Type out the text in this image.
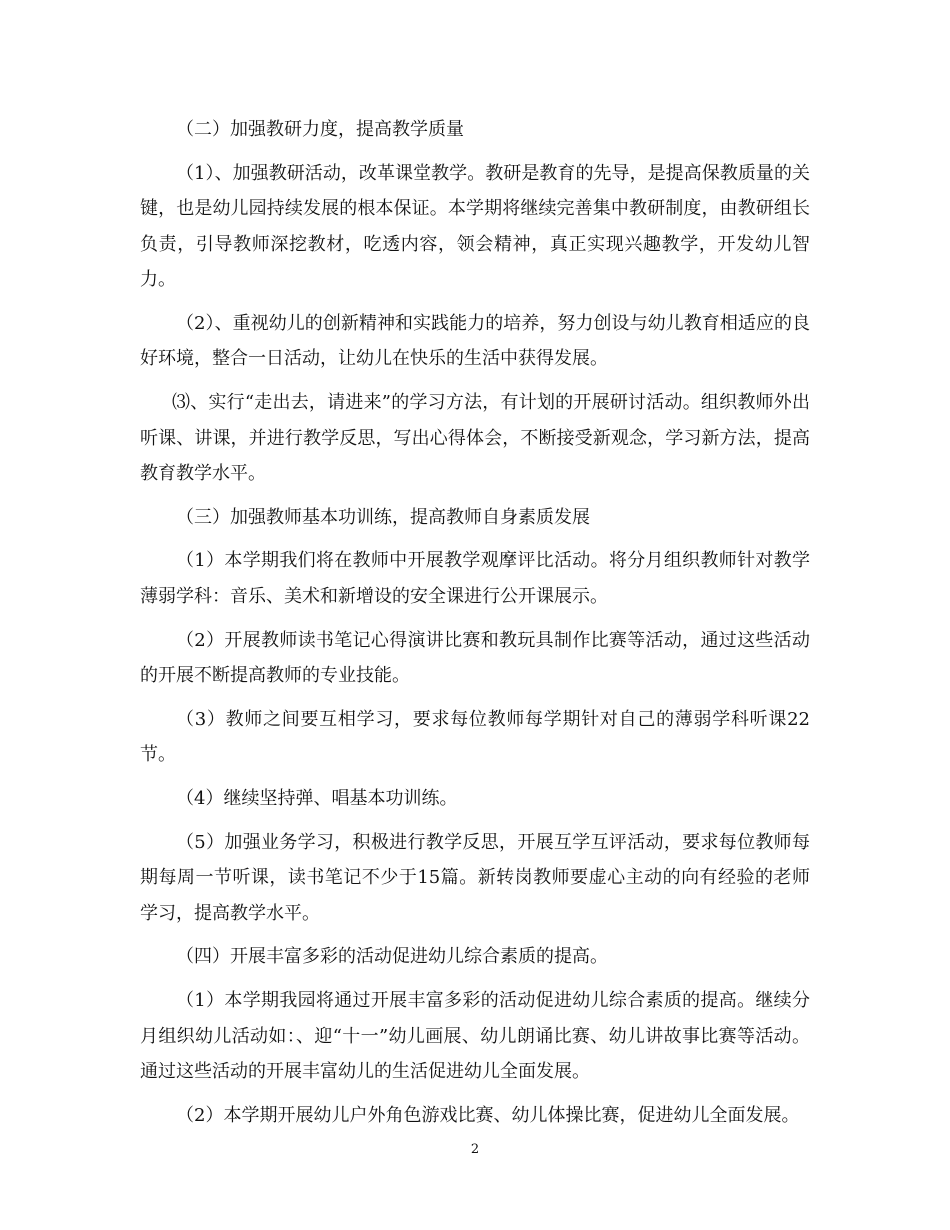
（二）加强教研力度，提高教学质量

（1）、加强教研活动，改革课堂教学。教研是教育的先导，是提高保教质量的关键，也是幼儿园持续发展的根本保证。本学期将继续完善集中教研制度，由教研组长负责，引导教师深挖教材，吃透内容，领会精神，真正实现兴趣教学，开发幼儿智力。

（2）、重视幼儿的创新精神和实践能力的培养，努力创设与幼儿教育相适应的良好环境，整合一日活动，让幼儿在快乐的生活中获得发展。

⑶、实行“走出去，请进来”的学习方法，有计划的开展研讨活动。组织教师外出听课、讲课，并进行教学反思，写出心得体会，不断接受新观念，学习新方法，提高教育教学水平。

（三）加强教师基本功训练，提高教师自身素质发展

（1）本学期我们将在教师中开展教学观摩评比活动。将分月组织教师针对教学薄弱学科：音乐、美术和新增设的安全课进行公开课展示。

（2）开展教师读书笔记心得演讲比赛和教玩具制作比赛等活动，通过这些活动的开展不断提高教师的专业技能。

（3）教师之间要互相学习，要求每位教师每学期针对自己的薄弱学科听课22节。

（4）继续坚持弹、唱基本功训练。

（5）加强业务学习，积极进行教学反思，开展互学互评活动，要求每位教师每期每周一节听课，读书笔记不少于15篇。新转岗教师要虚心主动的向有经验的老师学习，提高教学水平。

（四）开展丰富多彩的活动促进幼儿综合素质的提高。

（1）本学期我园将通过开展丰富多彩的活动促进幼儿综合素质的提高。继续分月组织幼儿活动如：、迎“十一”幼儿画展、幼儿朗诵比赛、幼儿讲故事比赛等活动。通过这些活动的开展丰富幼儿的生活促进幼儿全面发展。

（2）本学期开展幼儿户外角色游戏比赛、幼儿体操比赛，促进幼儿全面发展。

2
